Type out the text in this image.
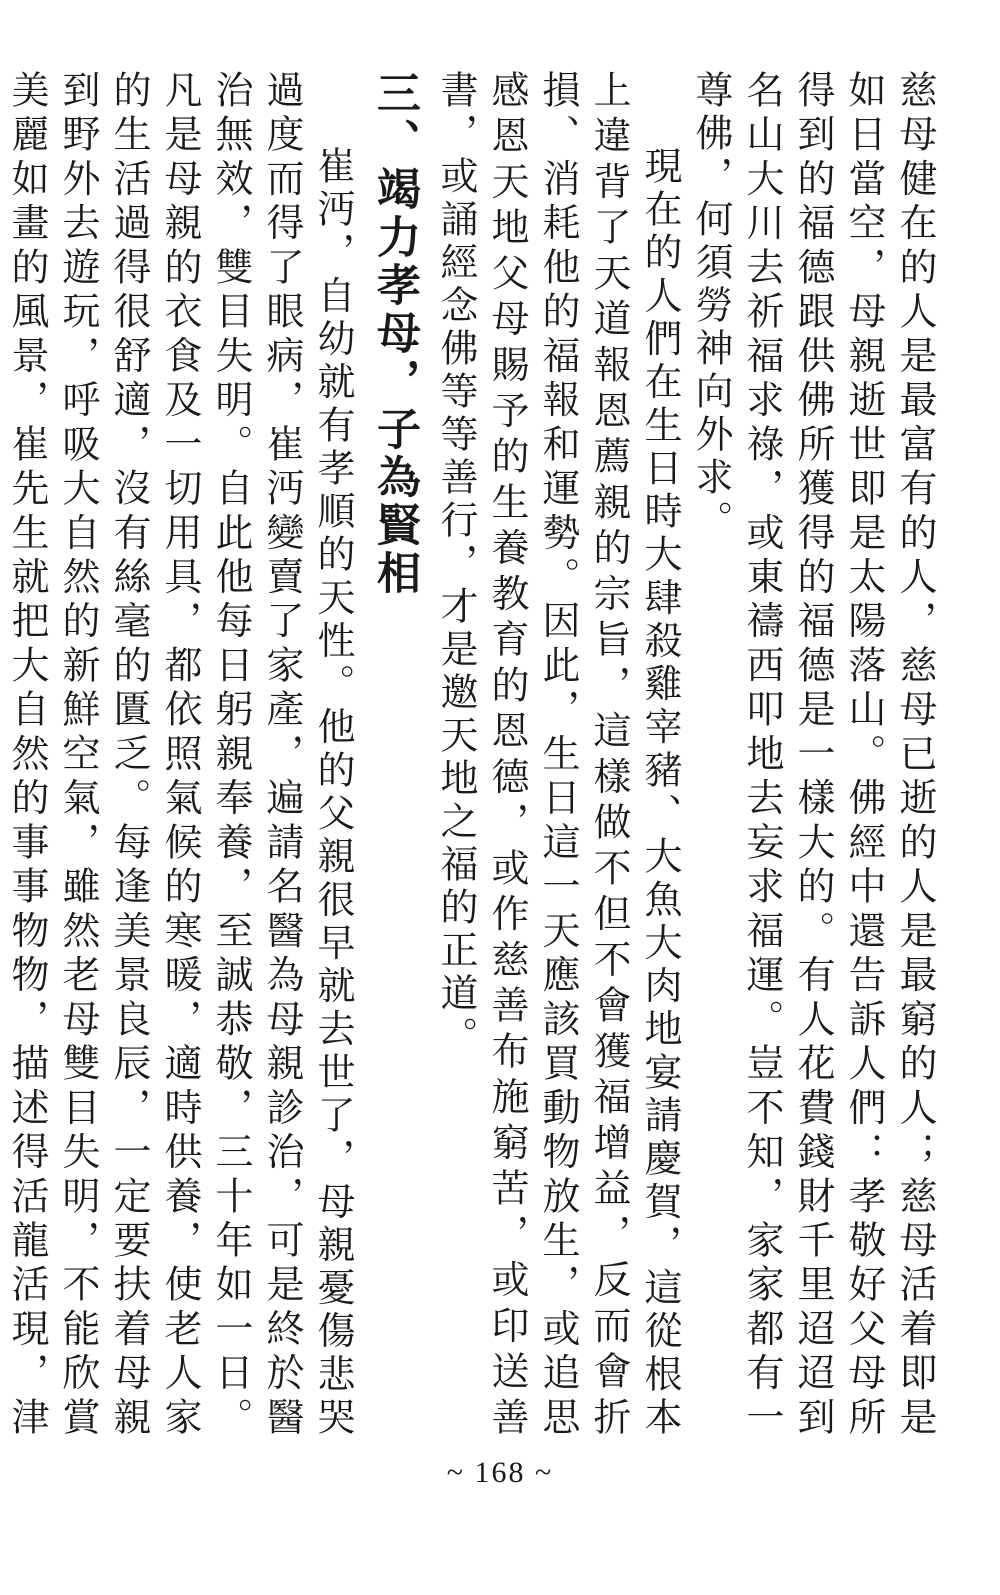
慈母健在的人是最富有的人，慈母已逝的人是最窮的人；慈母活着即是如日當空，母親逝世即是太陽落山。佛經中還告訴人們：孝敬好父母所得到的福德跟供佛所獲得的福德是一樣大的。有人花費錢財千里迢迢到名山大川去祈福求祿，或東禱西叩地去妄求福運。豈不知，家家都有一尊佛，何須勞神向外求。

現在的人們在生日時大肆殺雞宰豬、大魚大肉地宴請慶賀，這從根本上違背了天道報恩薦親的宗旨，這樣做不但不會獲福增益，反而會折損、消耗他的福報和運勢。因此，生日這一天應該買動物放生，或追思感恩天地父母賜予的生養教育的恩德，或作慈善布施窮苦，或印送善書，或誦經念佛等等善行，才是邀天地之福的正道。

三、竭力孝母，子為賢相

崔沔，自幼就有孝順的天性。他的父親很早就去世了，母親憂傷悲哭過度而得了眼病，崔沔變賣了家產，遍請名醫為母親診治，可是終於醫治無效，雙目失明。自此他每日躬親奉養，至誠恭敬，三十年如一日。凡是母親的衣食及一切用具，都依照氣候的寒暖，適時供養，使老人家的生活過得很舒適，沒有絲毫的匱乏。每逢美景良辰，一定要扶着母親到野外去遊玩，呼吸大自然的新鮮空氣，雖然老母雙目失明，不能欣賞美麗如畫的風景，崔先生就把大自然的事事物物，描述得活龍活現，津

~ 168 ~
